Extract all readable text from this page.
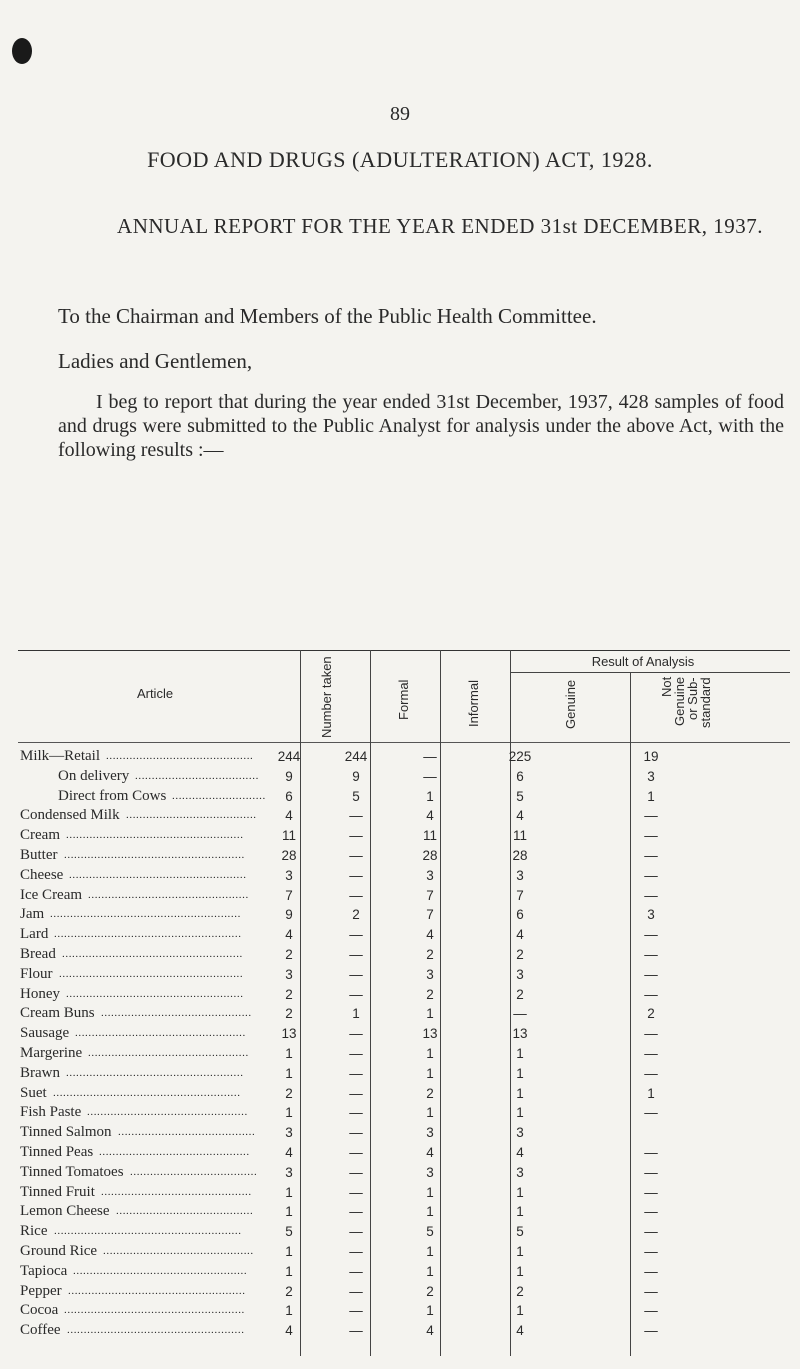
89
FOOD AND DRUGS (ADULTERATION) ACT, 1928.
ANNUAL REPORT FOR THE YEAR ENDED 31st DECEMBER, 1937.
To the Chairman and Members of the Public Health Committee.
Ladies and Gentlemen,

I beg to report that during the year ended 31st December, 1937, 428 samples of food and drugs were submitted to the Public Analyst for analysis under the above Act, with the following results :—

Article	Number taken	Formal	Informal
Result of Analysis
Genuine	Not Genuine or Sub-standard
Milk—Retail ............................................	244	244	—	225	19
On delivery .....................................	9	9	—	6	3
Direct from Cows ............................	6	5	1	5	1
Condensed Milk .......................................	4	—	4	4	—
Cream .....................................................	11	—	11	11	—
Butter ......................................................	28	—	28	28	—
Cheese .....................................................	3	—	3	3	—
Ice Cream ................................................	7	—	7	7	—
Jam .........................................................	9	2	7	6	3
Lard ........................................................	4	—	4	4	—
Bread ......................................................	2	—	2	2	—
Flour .......................................................	3	—	3	3	—
Honey .....................................................	2	—	2	2	—
Cream Buns .............................................	2	1	1	—	2
Sausage ...................................................	13	—	13	13	—
Margerine ................................................	1	—	1	1	—
Brawn .....................................................	1	—	1	1	—
Suet ........................................................	2	—	2	1	1
Fish Paste ................................................	1	—	1	1	—
Tinned Salmon .........................................	3	—	3	3
Tinned Peas .............................................	4	—	4	4	—
Tinned Tomatoes ......................................	3	—	3	3	—
Tinned Fruit .............................................	1	—	1	1	—
Lemon Cheese .........................................	1	—	1	1	—
Rice ........................................................	5	—	5	5	—
Ground Rice .............................................	1	—	1	1	—
Tapioca ....................................................	1	—	1	1	—
Pepper .....................................................	2	—	2	2	—
Cocoa ......................................................	1	—	1	1	—
Coffee .....................................................	4	—	4	4	—
